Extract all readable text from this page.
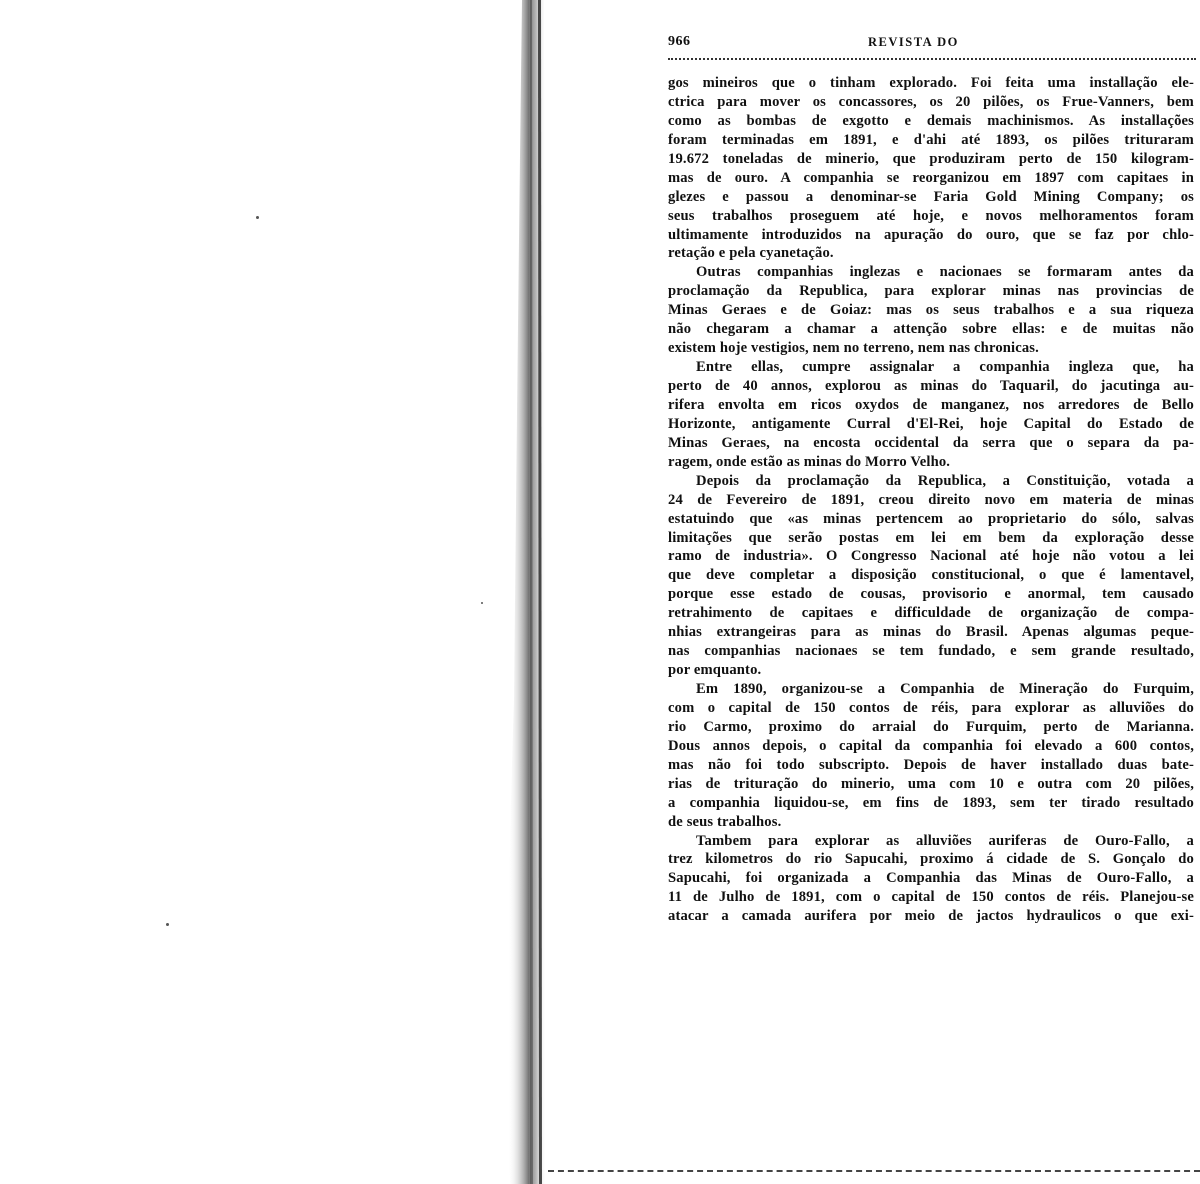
966	REVISTA DO
gos mineiros que o tinham explorado. Foi feita uma installação ele-
ctrica para mover os concassores, os 20 pilões, os Frue-Vanners, bem
como as bombas de exgotto e demais machinismos. As installações
foram terminadas em 1891, e d'ahi até 1893, os pilões trituraram
19.672 toneladas de minerio, que produziram perto de 150 kilogram-
mas de ouro. A companhia se reorganizou em 1897 com capitaes in
glezes e passou a denominar-se Faria Gold Mining Company; os
seus trabalhos proseguem até hoje, e novos melhoramentos foram
ultimamente introduzidos na apuração do ouro, que se faz por chlo-
retação e pela cyanetação.
Outras companhias inglezas e nacionaes se formaram antes da
proclamação da Republica, para explorar minas nas provincias de
Minas Geraes e de Goiaz: mas os seus trabalhos e a sua riqueza
não chegaram a chamar a attenção sobre ellas: e de muitas não
existem hoje vestigios, nem no terreno, nem nas chronicas.
Entre ellas, cumpre assignalar a companhia ingleza que, ha
perto de 40 annos, explorou as minas do Taquaril, do jacutinga au-
rifera envolta em ricos oxydos de manganez, nos arredores de Bello
Horizonte, antigamente Curral d'El-Rei, hoje Capital do Estado de
Minas Geraes, na encosta occidental da serra que o separa da pa-
ragem, onde estão as minas do Morro Velho.
Depois da proclamação da Republica, a Constituição, votada a
24 de Fevereiro de 1891, creou direito novo em materia de minas
estatuindo que «as minas pertencem ao proprietario do sólo, salvas
limitações que serão postas em lei em bem da exploração desse
ramo de industria». O Congresso Nacional até hoje não votou a lei
que deve completar a disposição constitucional, o que é lamentavel,
porque esse estado de cousas, provisorio e anormal, tem causado
retrahimento de capitaes e difficuldade de organização de compa-
nhias extrangeiras para as minas do Brasil. Apenas algumas peque-
nas companhias nacionaes se tem fundado, e sem grande resultado,
por emquanto.
Em 1890, organizou-se a Companhia de Mineração do Furquim,
com o capital de 150 contos de réis, para explorar as alluviões do
rio Carmo, proximo do arraial do Furquim, perto de Marianna.
Dous annos depois, o capital da companhia foi elevado a 600 contos,
mas não foi todo subscripto. Depois de haver installado duas bate-
rias de trituração do minerio, uma com 10 e outra com 20 pilões,
a companhia liquidou-se, em fins de 1893, sem ter tirado resultado
de seus trabalhos.
Tambem para explorar as alluviões auriferas de Ouro-Fallo, a
trez kilometros do rio Sapucahi, proximo á cidade de S. Gonçalo do
Sapucahi, foi organizada a Companhia das Minas de Ouro-Fallo, a
11 de Julho de 1891, com o capital de 150 contos de réis. Planejou-se
atacar a camada aurifera por meio de jactos hydraulicos o que exi-
